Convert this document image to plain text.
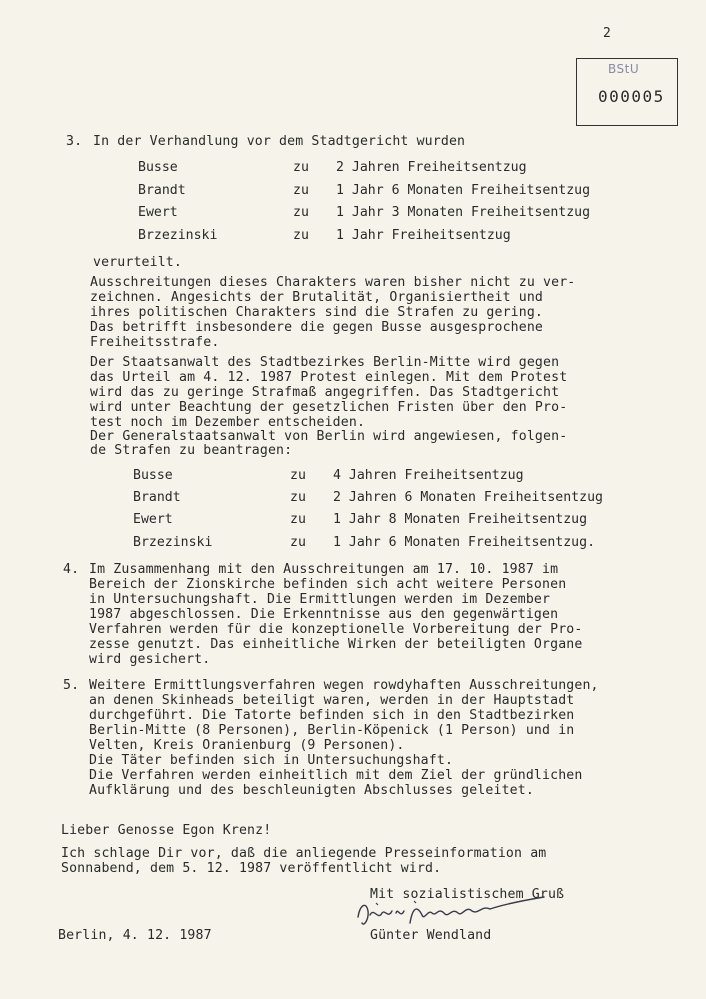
2
BStU
000005
3. In der Verhandlung vor dem Stadtgericht wurden
Busse	zu 2 Jahren Freiheitsentzug
Brandt	zu 1 Jahr 6 Monaten Freiheitsentzug
Ewert	zu 1 Jahr 3 Monaten Freiheitsentzug
Brzezinski	zu 1 Jahr Freiheitsentzug
verurteilt.
Ausschreitungen dieses Charakters waren bisher nicht zu ver-
zeichnen. Angesichts der Brutalität, Organisiertheit und
ihres politischen Charakters sind die Strafen zu gering.
Das betrifft insbesondere die gegen Busse ausgesprochene
Freiheitsstrafe.
Der Staatsanwalt des Stadtbezirkes Berlin-Mitte wird gegen
das Urteil am 4. 12. 1987 Protest einlegen. Mit dem Protest
wird das zu geringe Strafmaß angegriffen. Das Stadtgericht
wird unter Beachtung der gesetzlichen Fristen über den Pro-
test noch im Dezember entscheiden.
Der Generalstaatsanwalt von Berlin wird angewiesen, folgen-
de Strafen zu beantragen:
Busse	zu 4 Jahren Freiheitsentzug
Brandt	zu 2 Jahren 6 Monaten Freiheitsentzug
Ewert	zu 1 Jahr 8 Monaten Freiheitsentzug
Brzezinski	zu 1 Jahr 6 Monaten Freiheitsentzug.
4. Im Zusammenhang mit den Ausschreitungen am 17. 10. 1987 im
Bereich der Zionskirche befinden sich acht weitere Personen
in Untersuchungshaft. Die Ermittlungen werden im Dezember
1987 abgeschlossen. Die Erkenntnisse aus den gegenwärtigen
Verfahren werden für die konzeptionelle Vorbereitung der Pro-
zesse genutzt. Das einheitliche Wirken der beteiligten Organe
wird gesichert.
5. Weitere Ermittlungsverfahren wegen rowdyhaften Ausschreitungen,
an denen Skinheads beteiligt waren, werden in der Hauptstadt
durchgeführt. Die Tatorte befinden sich in den Stadtbezirken
Berlin-Mitte (8 Personen), Berlin-Köpenick (1 Person) und in
Velten, Kreis Oranienburg (9 Personen).
Die Täter befinden sich in Untersuchungshaft.
Die Verfahren werden einheitlich mit dem Ziel der gründlichen
Aufklärung und des beschleunigten Abschlusses geleitet.
Lieber Genosse Egon Krenz!
Ich schlage Dir vor, daß die anliegende Presseinformation am
Sonnabend, dem 5. 12. 1987 veröffentlicht wird.
Mit sozialistischem Gruß
Berlin, 4. 12. 1987	Günter Wendland
